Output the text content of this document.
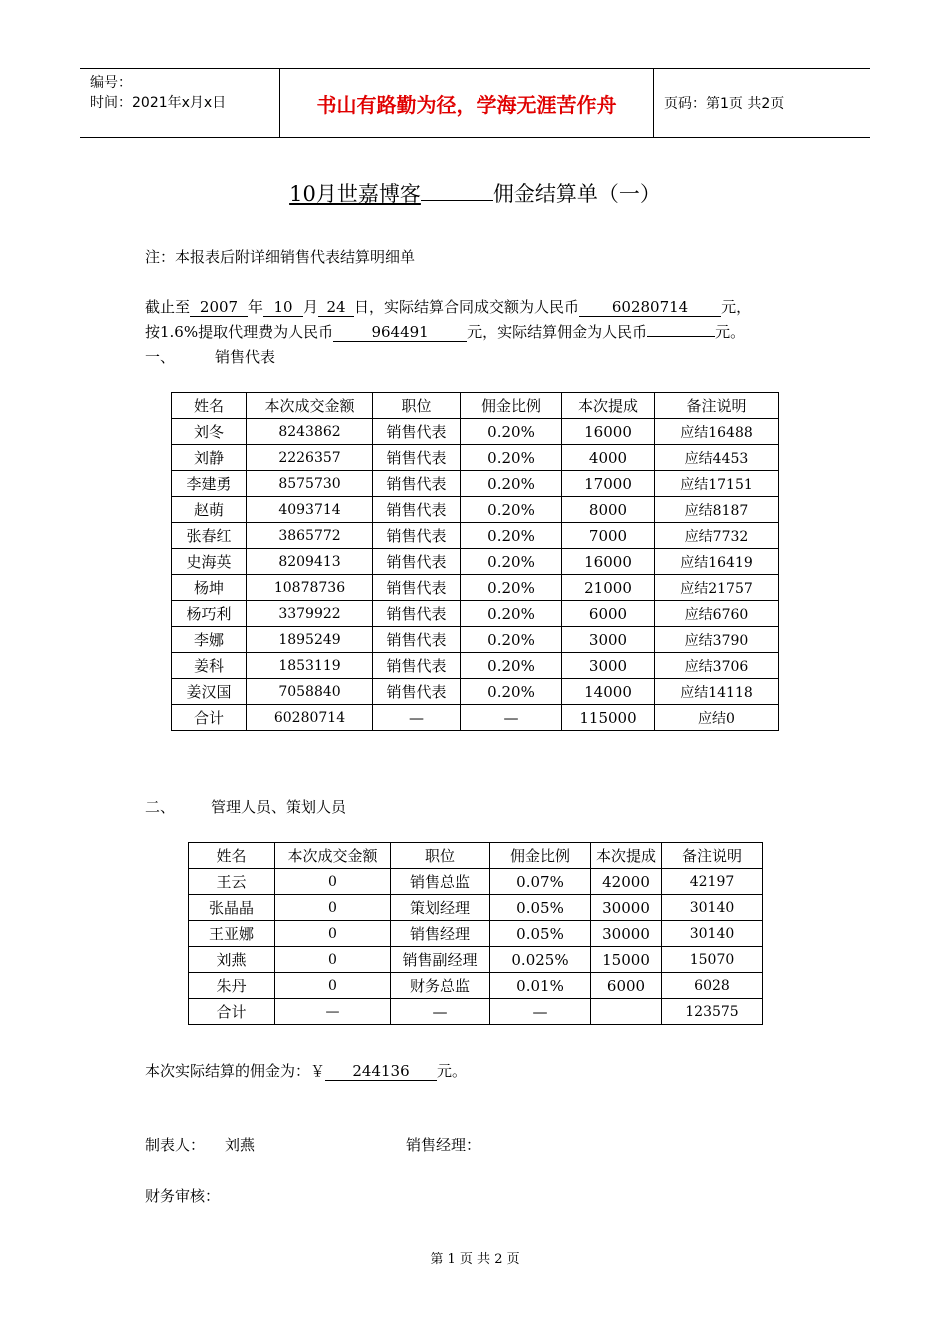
编号：
时间：2021年x月x日	书山有路勤为径，学海无涯苦作舟	页码：第1页 共2页
10月世嘉博客	佣金结算单（一）
注：本报表后附详细销售代表结算明细单
截止至 2007 年 10 月 24 日，实际结算合同成交额为人民币 60280714 元，
按1.6%提取代理费为人民币	964491	元，实际结算佣金为人民币	元。
一、	销售代表
姓名	本次成交金额	职位	佣金比例	本次提成	备注说明
刘冬	8243862	销售代表	0.20%	16000	应结16488
刘静	2226357	销售代表	0.20%	4000	应结4453
李建勇	8575730	销售代表	0.20%	17000	应结17151
赵萌	4093714	销售代表	0.20%	8000	应结8187
张春红	3865772	销售代表	0.20%	7000	应结7732
史海英	8209413	销售代表	0.20%	16000	应结16419
杨坤	10878736	销售代表	0.20%	21000	应结21757
杨巧利	3379922	销售代表	0.20%	6000	应结6760
李娜	1895249	销售代表	0.20%	3000	应结3790
姜科	1853119	销售代表	0.20%	3000	应结3706
姜汉国	7058840	销售代表	0.20%	14000	应结14118
合计	60280714	—	—	115000	应结0
二、 管理人员、策划人员
姓名	本次成交金额	职位	佣金比例	本次提成	备注说明
王云	0	销售总监	0.07%	42000	42197
张晶晶	0	策划经理	0.05%	30000	30140
王亚娜	0	销售经理	0.05%	30000	30140
刘燕	0	销售副经理	0.025%	15000	15070
朱丹	0	财务总监	0.01%	6000	6028
合计	—	—	—		123575
本次实际结算的佣金为：￥ 244136 元。
制表人： 刘燕	销售经理：
财务审核：
第 1 页 共 2 页
